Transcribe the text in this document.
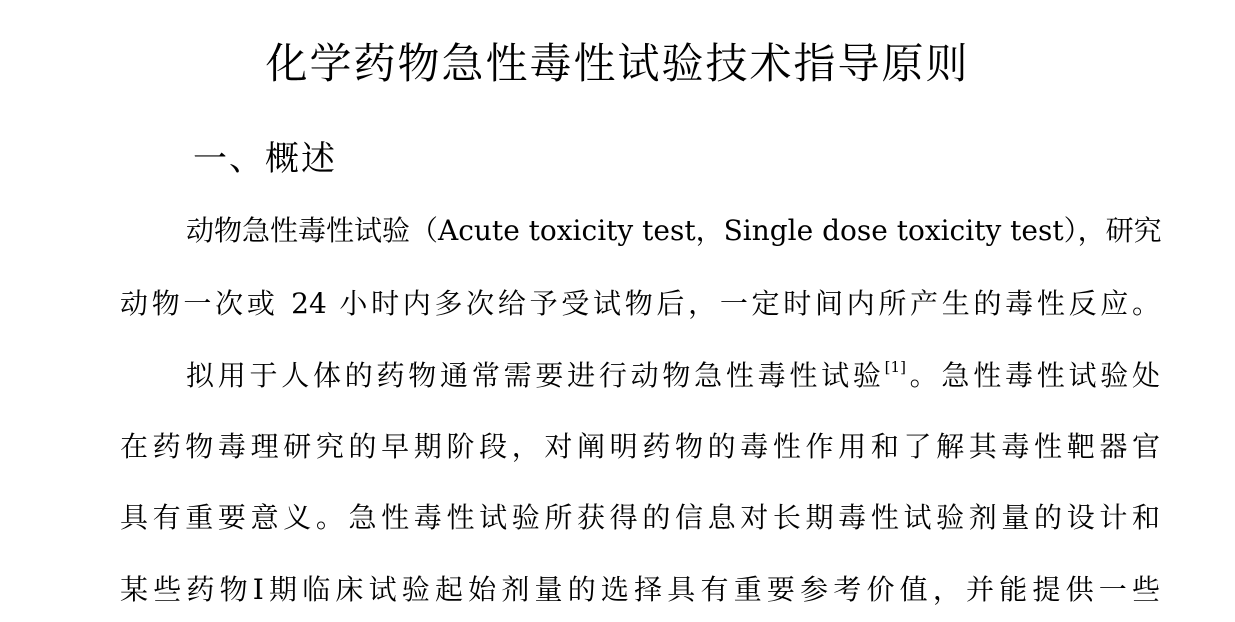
化学药物急性毒性试验技术指导原则
一、概述

动物急性毒性试验（Acute toxicity test，Single dose toxicity test），研究

动物一次或 24 小时内多次给予受试物后，一定时间内所产生的毒性反应。

拟用于人体的药物通常需要进行动物急性毒性试验[1]。急性毒性试验处

在药物毒理研究的早期阶段，对阐明药物的毒性作用和了解其毒性靶器官

具有重要意义。急性毒性试验所获得的信息对长期毒性试验剂量的设计和

某些药物Ⅰ期临床试验起始剂量的选择具有重要参考价值，并能提供一些
